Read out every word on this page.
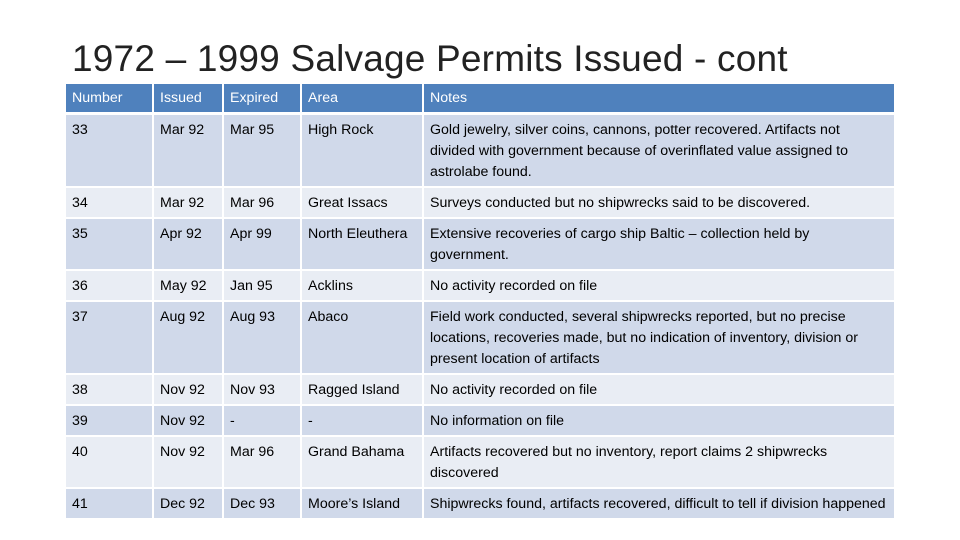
1972 – 1999 Salvage Permits Issued - cont
Number	Issued	Expired	Area	Notes
33	Mar 92	Mar 95	High Rock	Gold jewelry, silver coins, cannons, potter recovered. Artifacts not divided with government because of overinflated value assigned to astrolabe found.
34	Mar 92	Mar 96	Great Issacs	Surveys conducted but no shipwrecks said to be discovered.
35	Apr 92	Apr 99	North Eleuthera	Extensive recoveries of cargo ship Baltic – collection held by government.
36	May 92	Jan 95	Acklins	No activity recorded on file
37	Aug 92	Aug 93	Abaco	Field work conducted, several shipwrecks reported, but no precise locations, recoveries made, but no indication of inventory, division or present location of artifacts
38	Nov 92	Nov 93	Ragged Island	No activity recorded on file
39	Nov 92	-	-	No information on file
40	Nov 92	Mar 96	Grand Bahama	Artifacts recovered but no inventory, report claims 2 shipwrecks discovered
41	Dec 92	Dec 93	Moore’s Island	Shipwrecks found, artifacts recovered, difficult to tell if division happened
